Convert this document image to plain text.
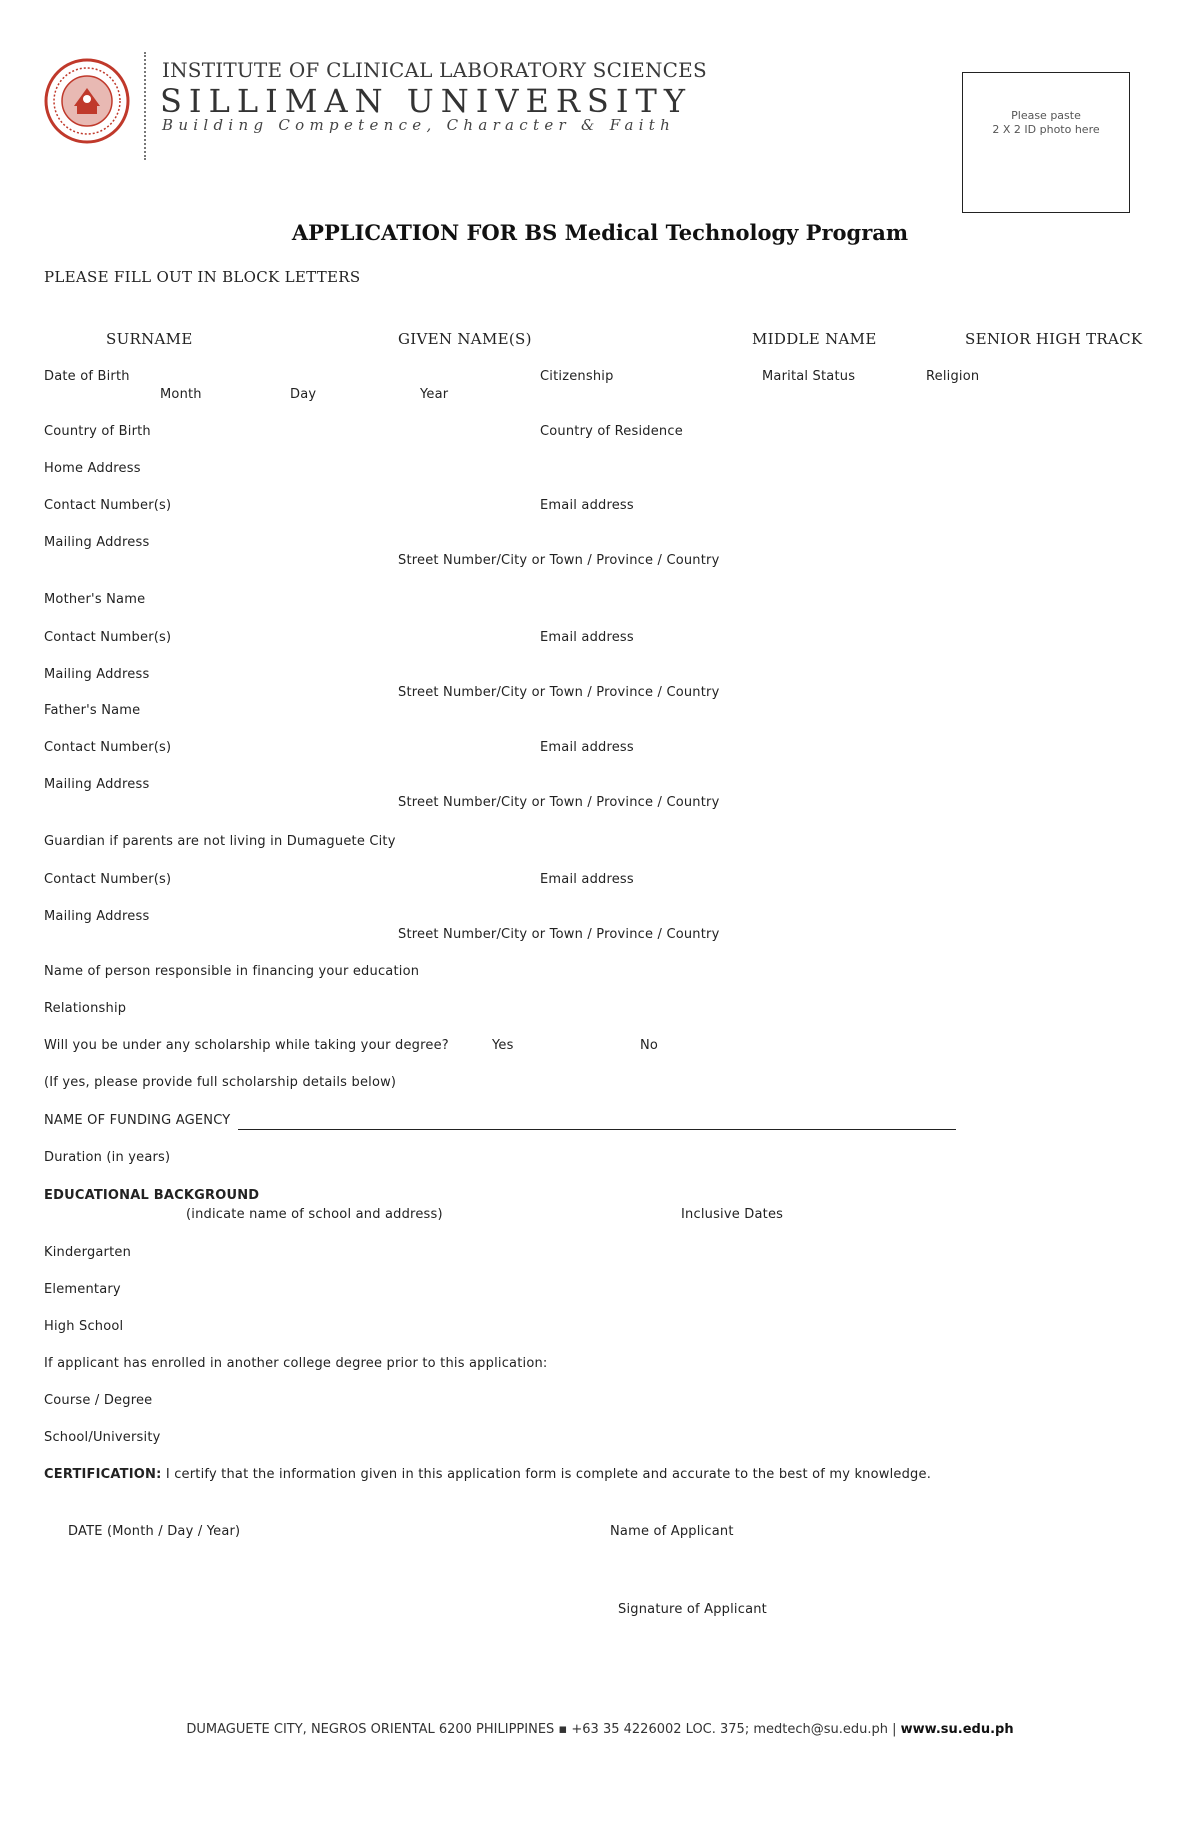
INSTITUTE OF CLINICAL LABORATORY SCIENCES
SILLIMAN UNIVERSITY
Building Competence, Character & Faith
Please paste
2 X 2 ID photo here
APPLICATION FOR BS Medical Technology Program
PLEASE FILL OUT IN BLOCK LETTERS
SURNAME	GIVEN NAME(S)	MIDDLE NAME	SENIOR HIGH TRACK
Date of Birth
Month	Day	Year
Citizenship	Marital Status	Religion
Country of Birth	Country of Residence
Home Address
Contact Number(s)	Email address
Mailing Address
Street Number/City or Town / Province / Country
Mother's Name
Contact Number(s)	Email address
Mailing Address
Street Number/City or Town / Province / Country
Father's Name
Contact Number(s)	Email address
Mailing Address
Street Number/City or Town / Province / Country
Guardian if parents are not living in Dumaguete City
Contact Number(s)	Email address
Mailing Address
Street Number/City or Town / Province / Country
Name of person responsible in financing your education
Relationship
Will you be under any scholarship while taking your degree?	Yes	No
(If yes, please provide full scholarship details below)
NAME OF FUNDING AGENCY
Duration (in years)
EDUCATIONAL BACKGROUND
(indicate name of school and address)	Inclusive Dates
Kindergarten
Elementary
High School
If applicant has enrolled in another college degree prior to this application:
Course / Degree
School/University
CERTIFICATION: I certify that the information given in this application form is complete and accurate to the best of my knowledge.
DATE (Month / Day / Year)	Name of Applicant
Signature of Applicant
DUMAGUETE CITY, NEGROS ORIENTAL 6200 PHILIPPINES ▪ +63 35 4226002 LOC. 375; medtech@su.edu.ph | www.su.edu.ph
